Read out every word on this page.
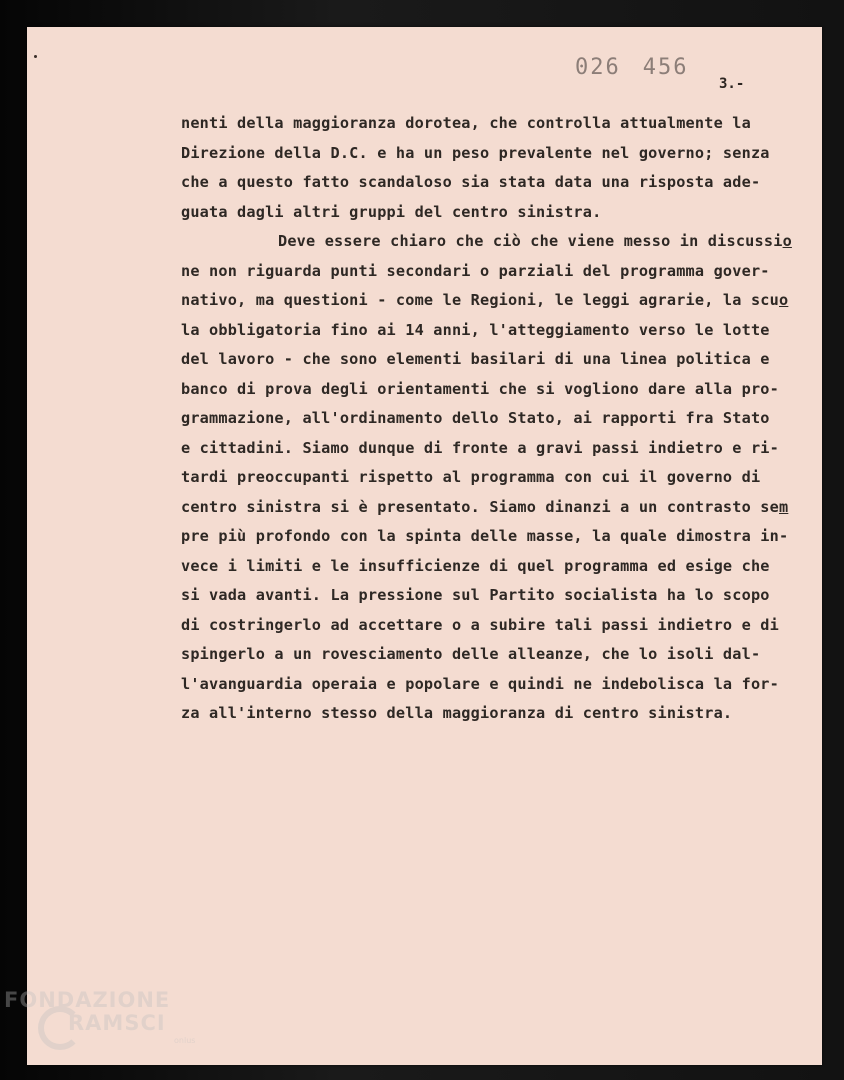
026 456
3.-
nenti della maggioranza dorotea, che controlla attualmente la
Direzione della D.C. e ha un peso prevalente nel governo; senza
che a questo fatto scandaloso sia stata data una risposta ade-
guata dagli altri gruppi del centro sinistra.
Deve essere chiaro che ciò che viene messo in discussio
ne non riguarda punti secondari o parziali del programma gover-
nativo, ma questioni - come le Regioni, le leggi agrarie, la scuo
la obbligatoria fino ai 14 anni, l'atteggiamento verso le lotte
del lavoro - che sono elementi basilari di una linea politica e
banco di prova degli orientamenti che si vogliono dare alla pro-
grammazione, all'ordinamento dello Stato, ai rapporti fra Stato
e cittadini. Siamo dunque di fronte a gravi passi indietro e ri-
tardi preoccupanti rispetto al programma con cui il governo di
centro sinistra si è presentato. Siamo dinanzi a un contrasto sem
pre più profondo con la spinta delle masse, la quale dimostra in-
vece i limiti e le insufficienze di quel programma ed esige che
si vada avanti. La pressione sul Partito socialista ha lo scopo
di costringerlo ad accettare o a subire tali passi indietro e di
spingerlo a un rovesciamento delle alleanze, che lo isoli dal-
l'avanguardia operaia e popolare e quindi ne indebolisca la for-
za all'interno stesso della maggioranza di centro sinistra.
FONDAZIONE
RAMSCI
onlus
